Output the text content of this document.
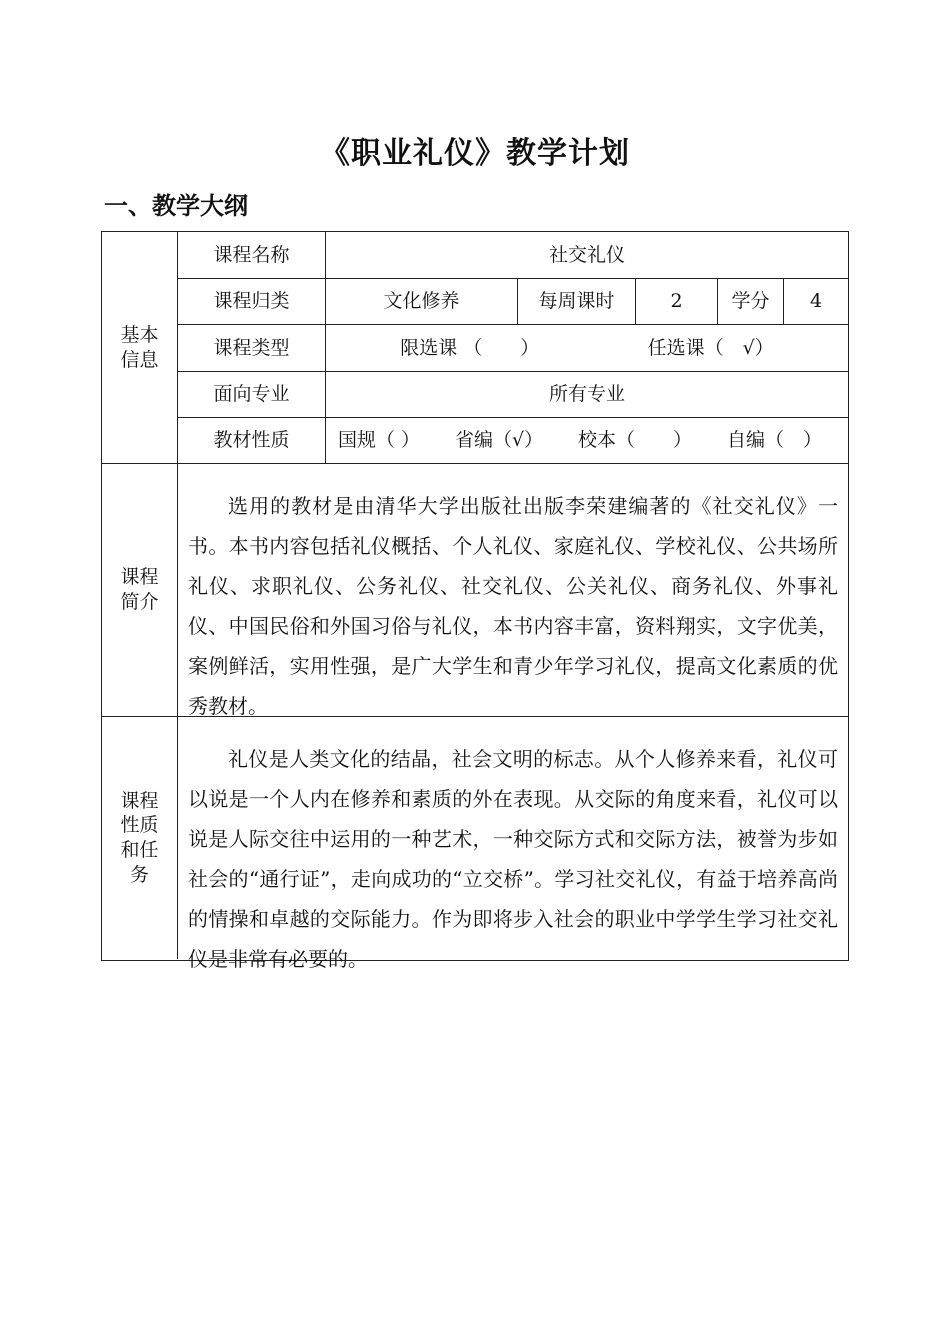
《职业礼仪》教学计划
一、教学大纲
基本
信息
课程名称	社交礼仪
课程归类	文化修养	每周课时	2	学分 4
课程类型	限选课 （　　）	任选课（　√）
面向专业	所有专业
教材性质	国规（ ） 省编（√） 校本（　　） 自编（　）
课程
简介

选用的教材是由清华大学出版社出版李荣建编著的《社交礼仪》一书。本书内容包括礼仪概括、个人礼仪、家庭礼仪、学校礼仪、公共场所礼仪、求职礼仪、公务礼仪、社交礼仪、公关礼仪、商务礼仪、外事礼仪、中国民俗和外国习俗与礼仪，本书内容丰富，资料翔实，文字优美，案例鲜活，实用性强，是广大学生和青少年学习礼仪，提高文化素质的优秀教材。

课程
性质
和任
务

礼仪是人类文化的结晶，社会文明的标志。从个人修养来看，礼仪可以说是一个人内在修养和素质的外在表现。从交际的角度来看，礼仪可以说是人际交往中运用的一种艺术，一种交际方式和交际方法，被誉为步如社会的“通行证”，走向成功的“立交桥”。学习社交礼仪，有益于培养高尚的情操和卓越的交际能力。作为即将步入社会的职业中学学生学习社交礼仪是非常有必要的。
